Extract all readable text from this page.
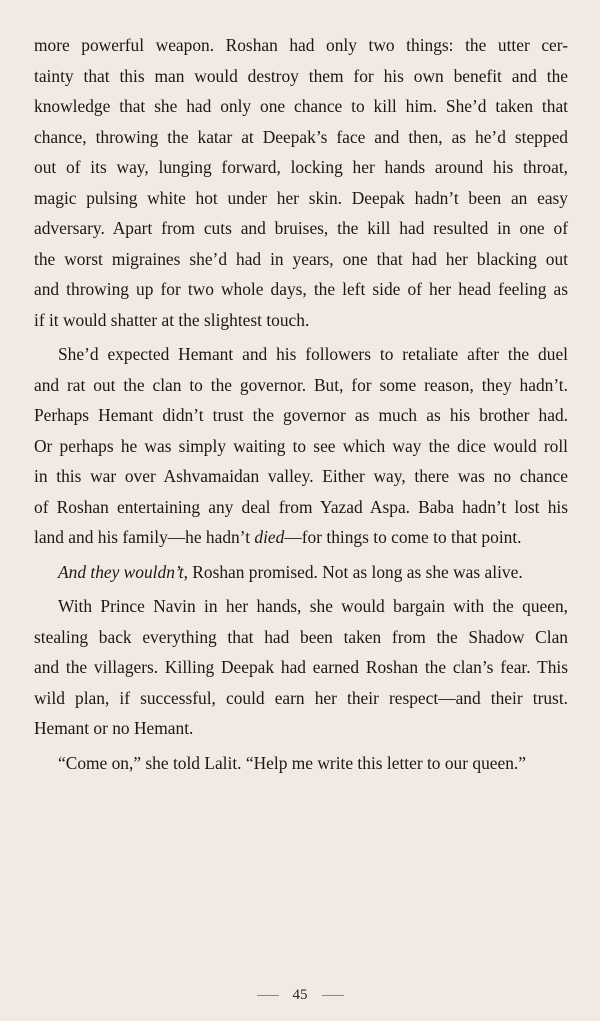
more powerful weapon. Roshan had only two things: the utter cer-
tainty that this man would destroy them for his own benefit and the
knowledge that she had only one chance to kill him. She’d taken that
chance, throwing the katar at Deepak’s face and then, as he’d stepped
out of its way, lunging forward, locking her hands around his throat,
magic pulsing white hot under her skin. Deepak hadn’t been an easy
adversary. Apart from cuts and bruises, the kill had resulted in one of
the worst migraines she’d had in years, one that had her blacking out
and throwing up for two whole days, the left side of her head feeling as
if it would shatter at the slightest touch.
She’d expected Hemant and his followers to retaliate after the duel
and rat out the clan to the governor. But, for some reason, they hadn’t.
Perhaps Hemant didn’t trust the governor as much as his brother had.
Or perhaps he was simply waiting to see which way the dice would roll
in this war over Ashvamaidan valley. Either way, there was no chance
of Roshan entertaining any deal from Yazad Aspa. Baba hadn’t lost his
land and his family—he hadn’t died—for things to come to that point.
And they wouldn’t, Roshan promised. Not as long as she was alive.
With Prince Navin in her hands, she would bargain with the queen,
stealing back everything that had been taken from the Shadow Clan
and the villagers. Killing Deepak had earned Roshan the clan’s fear. This
wild plan, if successful, could earn her their respect—and their trust.
Hemant or no Hemant.
“Come on,” she told Lalit. “Help me write this letter to our queen.”
45
